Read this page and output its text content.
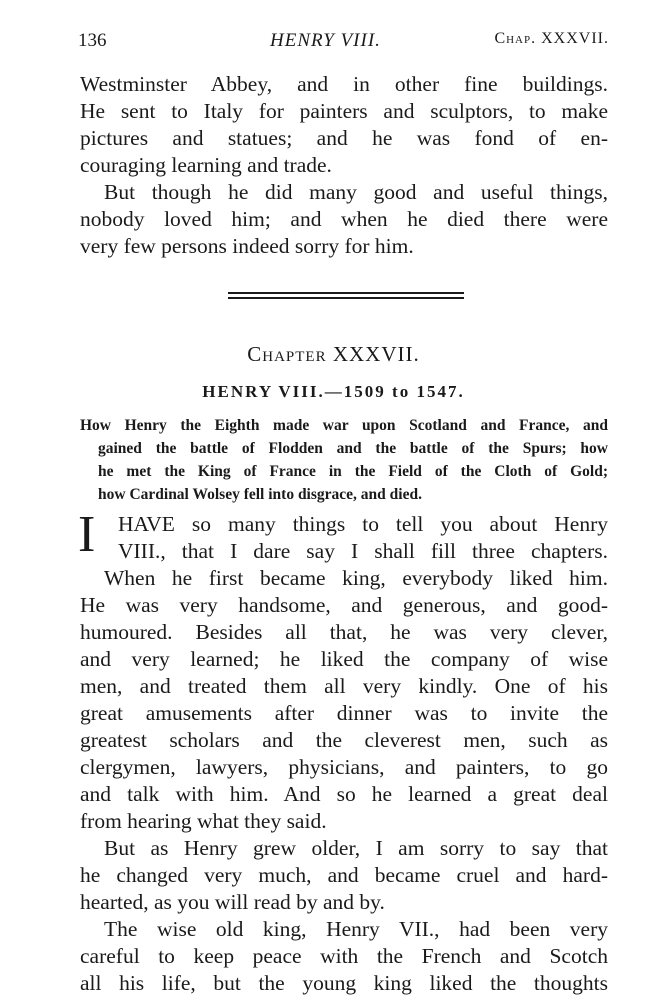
136	HENRY VIII.	Chap. XXXVII.
Westminster Abbey, and in other fine buildings.
He sent to Italy for painters and sculptors, to make
pictures and statues; and he was fond of en-
couraging learning and trade.
But though he did many good and useful things,
nobody loved him; and when he died there were
very few persons indeed sorry for him.
Chapter XXXVII.
HENRY VIII.—1509 to 1547.
How Henry the Eighth made war upon Scotland and France, and
gained the battle of Flodden and the battle of the Spurs; how
he met the King of France in the Field of the Cloth of Gold;
how Cardinal Wolsey fell into disgrace, and died.
I HAVE so many things to tell you about Henry
VIII., that I dare say I shall fill three chapters.
When he first became king, everybody liked him.
He was very handsome, and generous, and good-
humoured. Besides all that, he was very clever,
and very learned; he liked the company of wise
men, and treated them all very kindly. One of his
great amusements after dinner was to invite the
greatest scholars and the cleverest men, such as
clergymen, lawyers, physicians, and painters, to go
and talk with him. And so he learned a great deal
from hearing what they said.
But as Henry grew older, I am sorry to say that
he changed very much, and became cruel and hard-
hearted, as you will read by and by.
The wise old king, Henry VII., had been very
careful to keep peace with the French and Scotch
all his life, but the young king liked the thoughts
